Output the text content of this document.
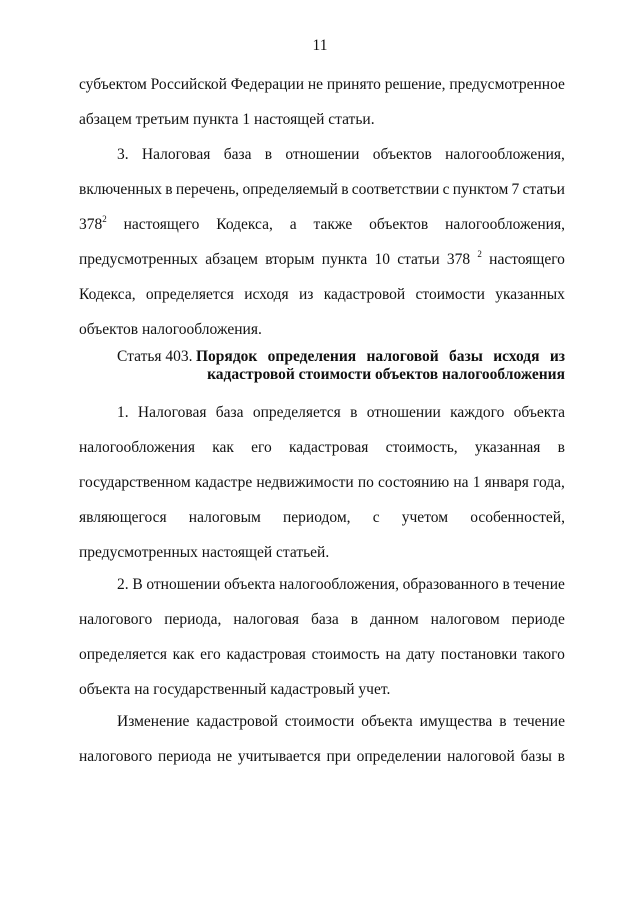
11
субъектом Российской Федерации не принято решение, предусмотренное
абзацем третьим пункта 1 настоящей статьи.
3. Налоговая база в отношении объектов налогообложения,
включенных в перечень, определяемый в соответствии с пунктом 7 статьи
$378^2$ настоящего Кодекса, а также объектов налогообложения,
предусмотренных абзацем вторым пункта 10 статьи 378 $^2$ настоящего
Кодекса, определяется исходя из кадастровой стоимости указанных
объектов налогообложения.
Статья 403. Порядок определения налоговой базы исходя из
кадастровой стоимости объектов налогообложения
1. Налоговая база определяется в отношении каждого объекта
налогообложения как его кадастровая стоимость, указанная в
государственном кадастре недвижимости по состоянию на 1 января года,
являющегося налоговым периодом, с учетом особенностей,
предусмотренных настоящей статьей.
2. В отношении объекта налогообложения, образованного в течение
налогового периода, налоговая база в данном налоговом периоде
определяется как его кадастровая стоимость на дату постановки такого
объекта на государственный кадастровый учет.
Изменение кадастровой стоимости объекта имущества в течение
налогового периода не учитывается при определении налоговой базы в
